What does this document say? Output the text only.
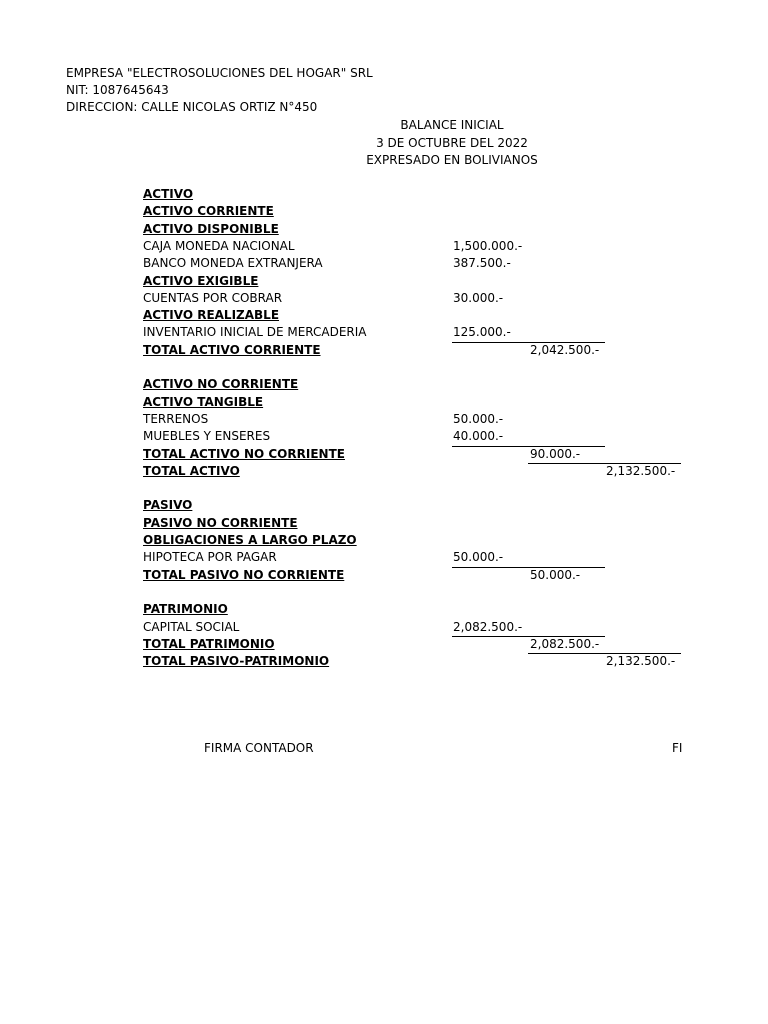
EMPRESA "ELECTROSOLUCIONES DEL HOGAR" SRL
NIT: 1087645643
DIRECCION: CALLE NICOLAS ORTIZ N°450
BALANCE INICIAL
3 DE OCTUBRE DEL 2022
EXPRESADO EN BOLIVIANOS
ACTIVO
ACTIVO CORRIENTE
ACTIVO DISPONIBLE
CAJA MONEDA NACIONAL	1,500.000.-
BANCO MONEDA EXTRANJERA	387.500.-
ACTIVO EXIGIBLE
CUENTAS POR COBRAR	30.000.-
ACTIVO REALIZABLE
INVENTARIO INICIAL DE MERCADERIA	125.000.-
TOTAL ACTIVO CORRIENTE	2,042.500.-
ACTIVO NO CORRIENTE
ACTIVO TANGIBLE
TERRENOS	50.000.-
MUEBLES Y ENSERES	40.000.-
TOTAL ACTIVO NO CORRIENTE	90.000.-
TOTAL ACTIVO	2,132.500.-
PASIVO
PASIVO NO CORRIENTE
OBLIGACIONES A LARGO PLAZO
HIPOTECA POR PAGAR	50.000.-
TOTAL PASIVO NO CORRIENTE	50.000.-
PATRIMONIO
CAPITAL SOCIAL	2,082.500.-
TOTAL PATRIMONIO	2,082.500.-
TOTAL PASIVO-PATRIMONIO	2,132.500.-
FIRMA CONTADOR	FI
